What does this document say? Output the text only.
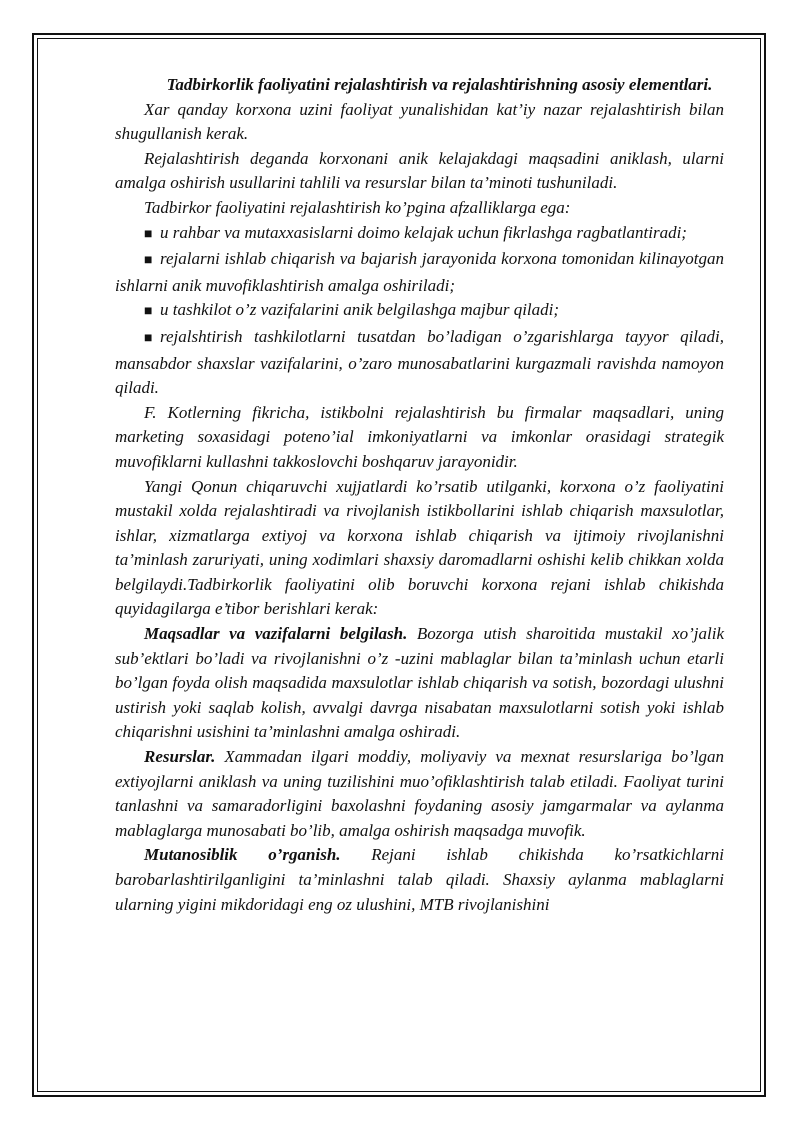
Tadbirkorlik faoliyatini rejalashtirish va rejalashtirishning asosiy elementlari.

Xar qanday korxona uzini faoliyat yunalishidan kat’iy nazar rejalashtirish bilan shugullanish kerak.

Rejalashtirish deganda korxonani anik kelajakdagi maqsadini aniklash, ularni amalga oshirish usullarini tahlili va resurslar bilan ta’minoti tushuniladi.

Tadbirkor faoliyatini rejalashtirish ko’pgina afzalliklarga ega:

■ u rahbar va mutaxxasislarni doimo kelajak uchun fikrlashga ragbatlantiradi;

■ rejalarni ishlab chiqarish va bajarish jarayonida korxona tomonidan kilinayotgan ishlarni anik muvofiklashtirish amalga oshiriladi;

■ u tashkilot o’z vazifalarini anik belgilashga majbur qiladi;

■ rejalshtirish tashkilotlarni tusatdan bo’ladigan o’zgarishlarga tayyor qiladi, mansabdor shaxslar vazifalarini, o’zaro munosabatlarini kurgazmali ravishda namoyon qiladi.

F. Kotlerning fikricha, istikbolni rejalashtirish bu firmalar maqsadlari, uning marketing soxasidagi poteno’ial imkoniyatlarni va imkonlar orasidagi strategik muvofiklarni kullashni takkoslovchi boshqaruv jarayonidir.

Yangi Qonun chiqaruvchi xujjatlardi ko’rsatib utilganki, korxona o’z faoliyatini mustakil xolda rejalashtiradi va rivojlanish istikbollarini ishlab chiqarish maxsulotlar, ishlar, xizmatlarga extiyoj va korxona ishlab chiqarish va ijtimoiy rivojlanishni ta’minlash zaruriyati, uning xodimlari shaxsiy daromadlarni oshishi kelib chikkan xolda belgilaydi.Tadbirkorlik faoliyatini olib boruvchi korxona rejani ishlab chikishda quyidagilarga e’tibor berishlari kerak:

Maqsadlar va vazifalarni belgilash. Bozorga utish sharoitida mustakil xo’jalik sub’ektlari bo’ladi va rivojlanishni o’z -uzini mablaglar bilan ta’minlash uchun etarli bo’lgan foyda olish maqsadida maxsulotlar ishlab chiqarish va sotish, bozordagi ulushni ustirish yoki saqlab kolish, avvalgi davrga nisabatan maxsulotlarni sotish yoki ishlab chiqarishni usishini ta’minlashni amalga oshiradi.

Resurslar. Xammadan ilgari moddiy, moliyaviy va mexnat resurslariga bo’lgan extiyojlarni aniklash va uning tuzilishini muo’ofiklashtirish talab etiladi. Faoliyat turini tanlashni va samaradorligini baxolashni foydaning asosiy jamgarmalar va aylanma mablaglarga munosabati bo’lib, amalga oshirish maqsadga muvofik.

Mutanosiblik o’rganish. Rejani ishlab chikishda ko’rsatkichlarni barobarlashtirilganligini ta’minlashni talab qiladi. Shaxsiy aylanma mablaglarni ularning yigini mikdoridagi eng oz ulushini, MTB rivojlanishini
